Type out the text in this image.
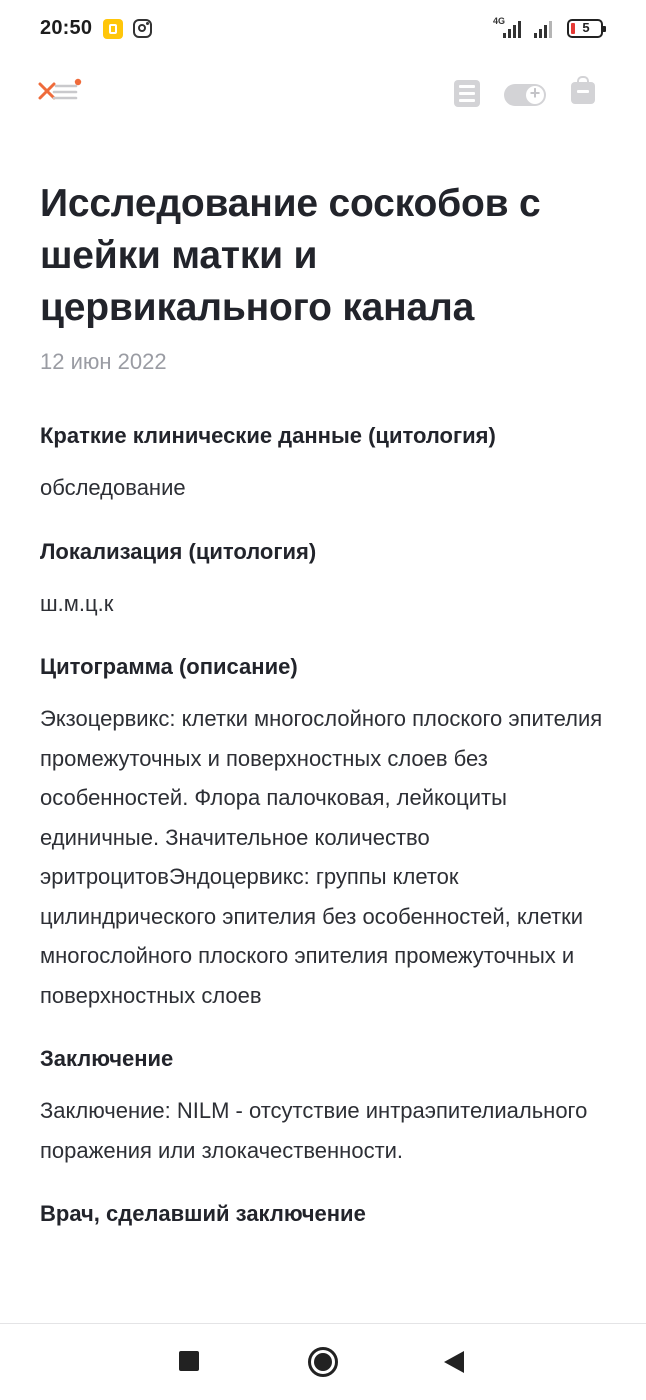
20:50	4G	5
+
Исследование соскобов с шейки матки и цервикального канала
12 июн 2022
Краткие клинические данные (цитология)
обследование
Локализация (цитология)
ш.м.ц.к
Цитограмма (описание)
Экзоцервикс: клетки многослойного плоского эпителия промежуточных и поверхностных слоев без особенностей. Флора палочковая, лейкоциты единичные. Значительное количество эритроцитовЭндоцервикс: группы клеток цилиндрического эпителия без особенностей, клетки многослойного плоского эпителия промежуточных и поверхностных слоев
Заключение
Заключение: NILM - отсутствие интраэпителиального поражения или злокачественности.
Врач, сделавший заключение
